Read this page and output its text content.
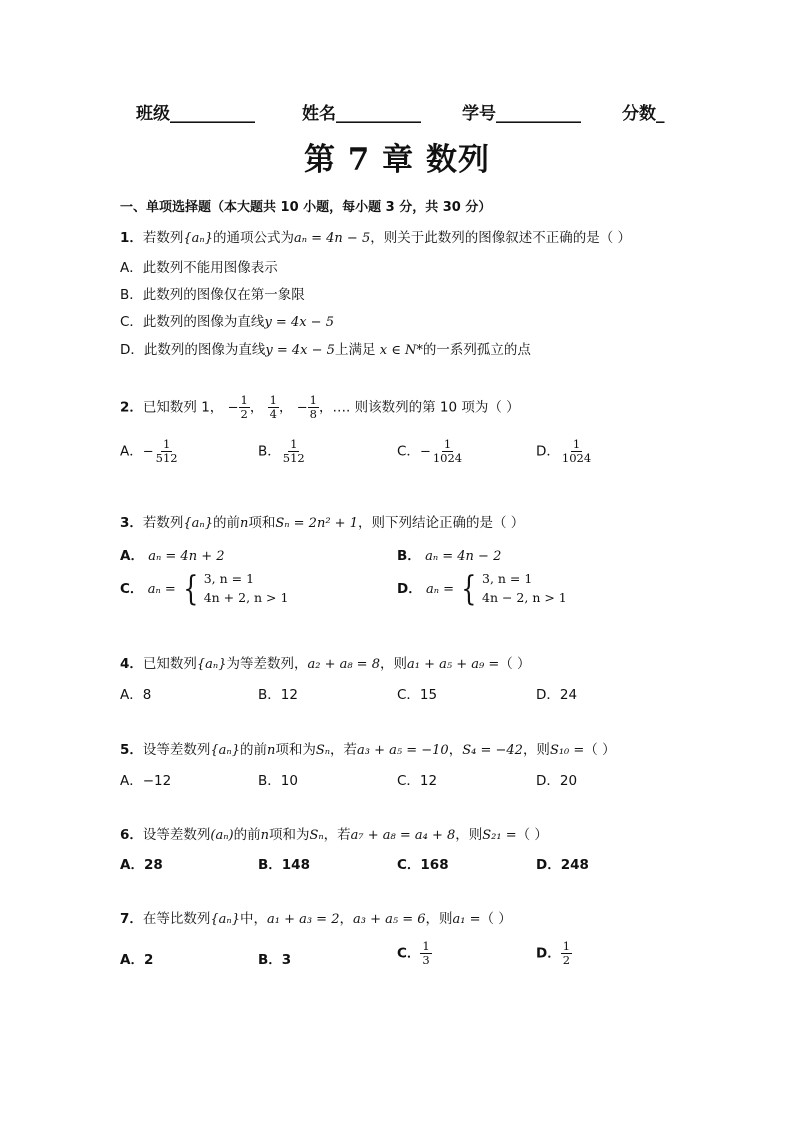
班级__________	姓名__________ 学号__________ 分数_
第 7 章 数列
一、单项选择题（本大题共 10 小题，每小题 3 分，共 30 分）
1．若数列{aₙ}的通项公式为aₙ = 4n − 5，则关于此数列的图像叙述不正确的是（ ）
A．此数列不能用图像表示
B．此数列的图像仅在第一象限
C．此数列的图像为直线y = 4x − 5
D．此数列的图像为直线y = 4x − 5上满足 x ∈ N*的一系列孤立的点
2．已知数列 1， − $\frac{1}{2}$ ， $\frac{1}{4}$ ， − $\frac{1}{8}$ ，…. 则该数列的第 10 项为（ ）
A．− $\frac{1}{512}$	B． $\frac{1}{512}$	C．− $\frac{1}{1024}$	D． $\frac{1}{1024}$
3．若数列{aₙ}的前n项和Sₙ = 2n² + 1，则下列结论正确的是（ ）
A． aₙ = 4n + 2	B． aₙ = 4n − 2
C． aₙ = { 3, n = 1
4n + 2, n > 1
D． aₙ = { 3, n = 1
4n − 2, n > 1
4．已知数列{aₙ}为等差数列，a₂ + a₈ = 8，则a₁ + a₅ + a₉ =（ ）
A．8	B．12	C．15	D．24
5．设等差数列{aₙ}的前n项和为Sₙ，若a₃ + a₅ = −10，S₄ = −42，则S₁₀ =（ ）
A．−12	B．10	C．12	D．20
6．设等差数列(aₙ)的前n项和为Sₙ，若a₇ + a₈ = a₄ + 8，则S₂₁ =（ ）
A．28	B．148	C．168	D．248
7．在等比数列{aₙ}中，a₁ + a₃ = 2，a₃ + a₅ = 6，则a₁ =（ ）
A．2	B．3	C． $\frac{1}{3}$	D． $\frac{1}{2}$
